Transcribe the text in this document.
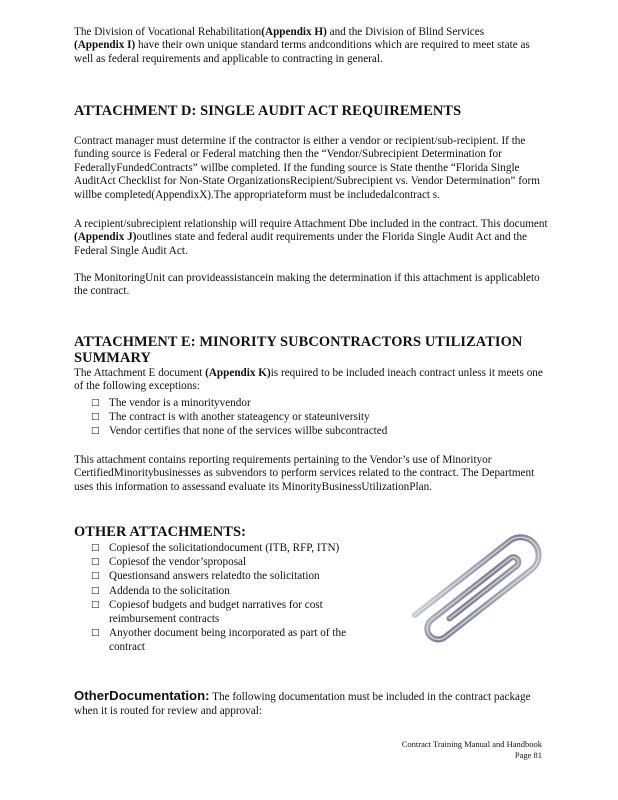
The Division of Vocational Rehabilitation(Appendix H) and the Division of Blind Services
(Appendix I) have their own unique standard terms andconditions which are required to meet state as well as federal requirements and applicable to contracting in general.

ATTACHMENT D: SINGLE AUDIT ACT REQUIREMENTS

Contract manager must determine if the contractor is either a vendor or recipient/sub-recipient. If the funding source is Federal or Federal matching then the “Vendor/Subrecipient Determination for FederallyFundedContracts” willbe completed. If the funding source is State thenthe “Florida Single AuditAct Checklist for Non-State OrganizationsRecipient/Subrecipient vs. Vendor Determination” form willbe completed(AppendixX).The appropriateform must be includedalcontract s.

A recipient/subrecipient relationship will require Attachment Dbe included in the contract. This document (Appendix J)outlines state and federal audit requirements under the Florida Single Audit Act and the Federal Single Audit Act.

The MonitoringUnit can provideassistancein making the determination if this attachment is applicableto the contract.

ATTACHMENT E: MINORITY SUBCONTRACTORS UTILIZATION SUMMARY

The Attachment E document (Appendix K)is required to be included ineach contract unless it meets one of the following exceptions:

□ The vendor is a minorityvendor
□ The contract is with another stateagency or stateuniversity
□ Vendor certifies that none of the services willbe subcontracted

This attachment contains reporting requirements pertaining to the Vendor’s use of Minorityor CertifiedMinoritybusinesses as subvendors to perform services related to the contract. The Department uses this information to assessand evaluate its MinorityBusinessUtilizationPlan.

OTHER ATTACHMENTS:
□ Copiesof the solicitationdocument (ITB, RFP, ITN)
□ Copiesof the vendor’sproposal
□ Questionsand answers relatedto the solicitation
□ Addenda to the solicitation
□ Copiesof budgets and budget narratives for cost reimbursement contracts
□ Anyother document being incorporated as part of the contract

OtherDocumentation: The following documentation must be included in the contract package when it is routed for review and approval:

Contract Training Manual and Handbook
Page 81
